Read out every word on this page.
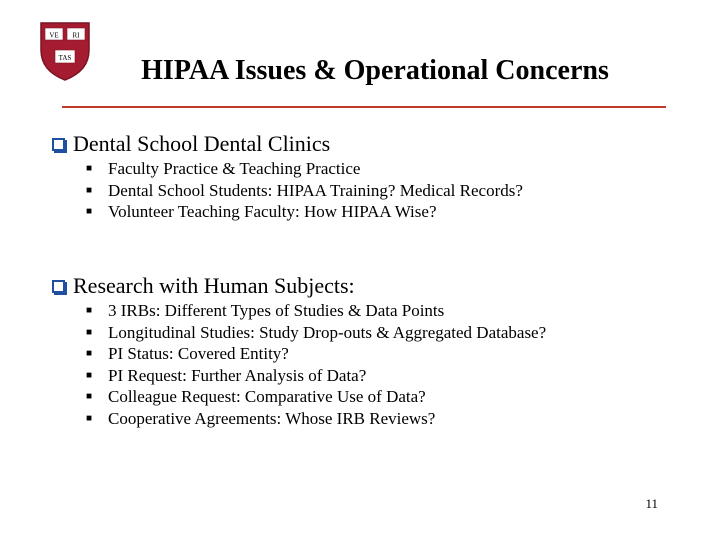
VE RI
TAS	HIPAA Issues & Operational Concerns
Dental School Dental Clinics
■ Faculty Practice & Teaching Practice
■ Dental School Students: HIPAA Training? Medical Records?
■ Volunteer Teaching Faculty: How HIPAA Wise?
Research with Human Subjects:
■ 3 IRBs: Different Types of Studies & Data Points
■ Longitudinal Studies: Study Drop-outs & Aggregated Database?
■ PI Status: Covered Entity?
■ PI Request: Further Analysis of Data?
■ Colleague Request: Comparative Use of Data?
■ Cooperative Agreements: Whose IRB Reviews?
11
